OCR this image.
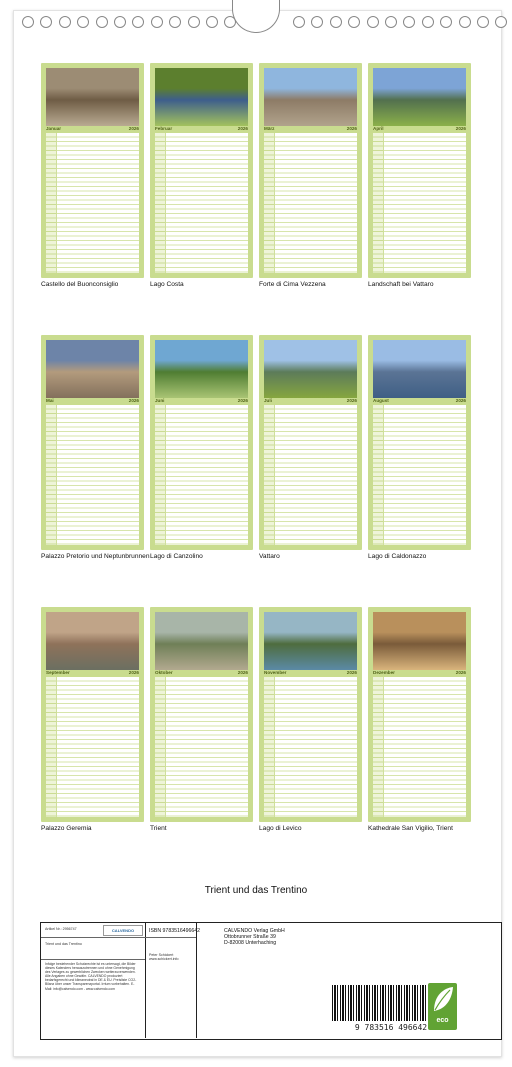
Januar	2026
Castello del Buonconsiglio
Februar	2026
Lago Costa
März	2026
Forte di Cima Vezzena
April	2026
Landschaft bei Vattaro
Mai	2026
Palazzo Pretorio und Neptunbrunnen
Juni	2026
Lago di Canzolino
Juli	2026
Vattaro
August	2026
Lago di Caldonazzo
September	2026
Palazzo Geremia
Oktober	2026
Trient
November	2026
Lago di Levico
Dezember	2026
Kathedrale San Vigilio, Trient
Trient und das Trentino
Artikel Nr.: 2956747	CALVENDO
Trient und das Trentino
Infolge bestehender Schutzrechte ist es untersagt, die Bilder dieses Kalenders herauszutrennen und ohne Genehmigung des Verlages zu gewerblichen Zwecken weiterzuverwenden. Alle Angaben ohne Gewähr. CALVENDO produziert bedarfsgerecht und klimaneutral in DE & EU. Preisliste CO2-Bilanz über unser Transparenzportal. Irrtum vorbehalten. E-Mail: info@calvendo.com - www.calvendo.com
ISBN 9783516496642
Peter Schickert
www.schickert.info
CALVENDO Verlag GmbH
Ottobrunner Straße 39
D-82008 Unterhaching
9 783516 496642
eco
